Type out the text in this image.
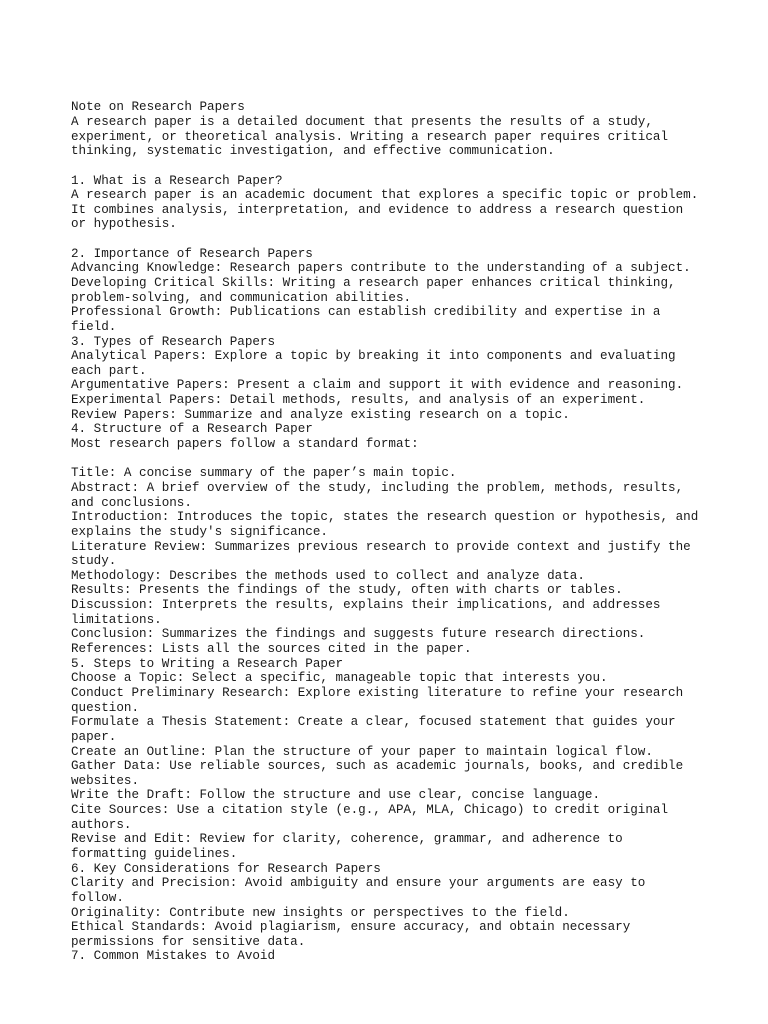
Note on Research Papers
A research paper is a detailed document that presents the results of a study,
experiment, or theoretical analysis. Writing a research paper requires critical
thinking, systematic investigation, and effective communication.
1. What is a Research Paper?
A research paper is an academic document that explores a specific topic or problem.
It combines analysis, interpretation, and evidence to address a research question
or hypothesis.
2. Importance of Research Papers
Advancing Knowledge: Research papers contribute to the understanding of a subject.
Developing Critical Skills: Writing a research paper enhances critical thinking,
problem-solving, and communication abilities.
Professional Growth: Publications can establish credibility and expertise in a
field.
3. Types of Research Papers
Analytical Papers: Explore a topic by breaking it into components and evaluating
each part.
Argumentative Papers: Present a claim and support it with evidence and reasoning.
Experimental Papers: Detail methods, results, and analysis of an experiment.
Review Papers: Summarize and analyze existing research on a topic.
4. Structure of a Research Paper
Most research papers follow a standard format:
Title: A concise summary of the paper’s main topic.
Abstract: A brief overview of the study, including the problem, methods, results,
and conclusions.
Introduction: Introduces the topic, states the research question or hypothesis, and
explains the study's significance.
Literature Review: Summarizes previous research to provide context and justify the
study.
Methodology: Describes the methods used to collect and analyze data.
Results: Presents the findings of the study, often with charts or tables.
Discussion: Interprets the results, explains their implications, and addresses
limitations.
Conclusion: Summarizes the findings and suggests future research directions.
References: Lists all the sources cited in the paper.
5. Steps to Writing a Research Paper
Choose a Topic: Select a specific, manageable topic that interests you.
Conduct Preliminary Research: Explore existing literature to refine your research
question.
Formulate a Thesis Statement: Create a clear, focused statement that guides your
paper.
Create an Outline: Plan the structure of your paper to maintain logical flow.
Gather Data: Use reliable sources, such as academic journals, books, and credible
websites.
Write the Draft: Follow the structure and use clear, concise language.
Cite Sources: Use a citation style (e.g., APA, MLA, Chicago) to credit original
authors.
Revise and Edit: Review for clarity, coherence, grammar, and adherence to
formatting guidelines.
6. Key Considerations for Research Papers
Clarity and Precision: Avoid ambiguity and ensure your arguments are easy to
follow.
Originality: Contribute new insights or perspectives to the field.
Ethical Standards: Avoid plagiarism, ensure accuracy, and obtain necessary
permissions for sensitive data.
7. Common Mistakes to Avoid
